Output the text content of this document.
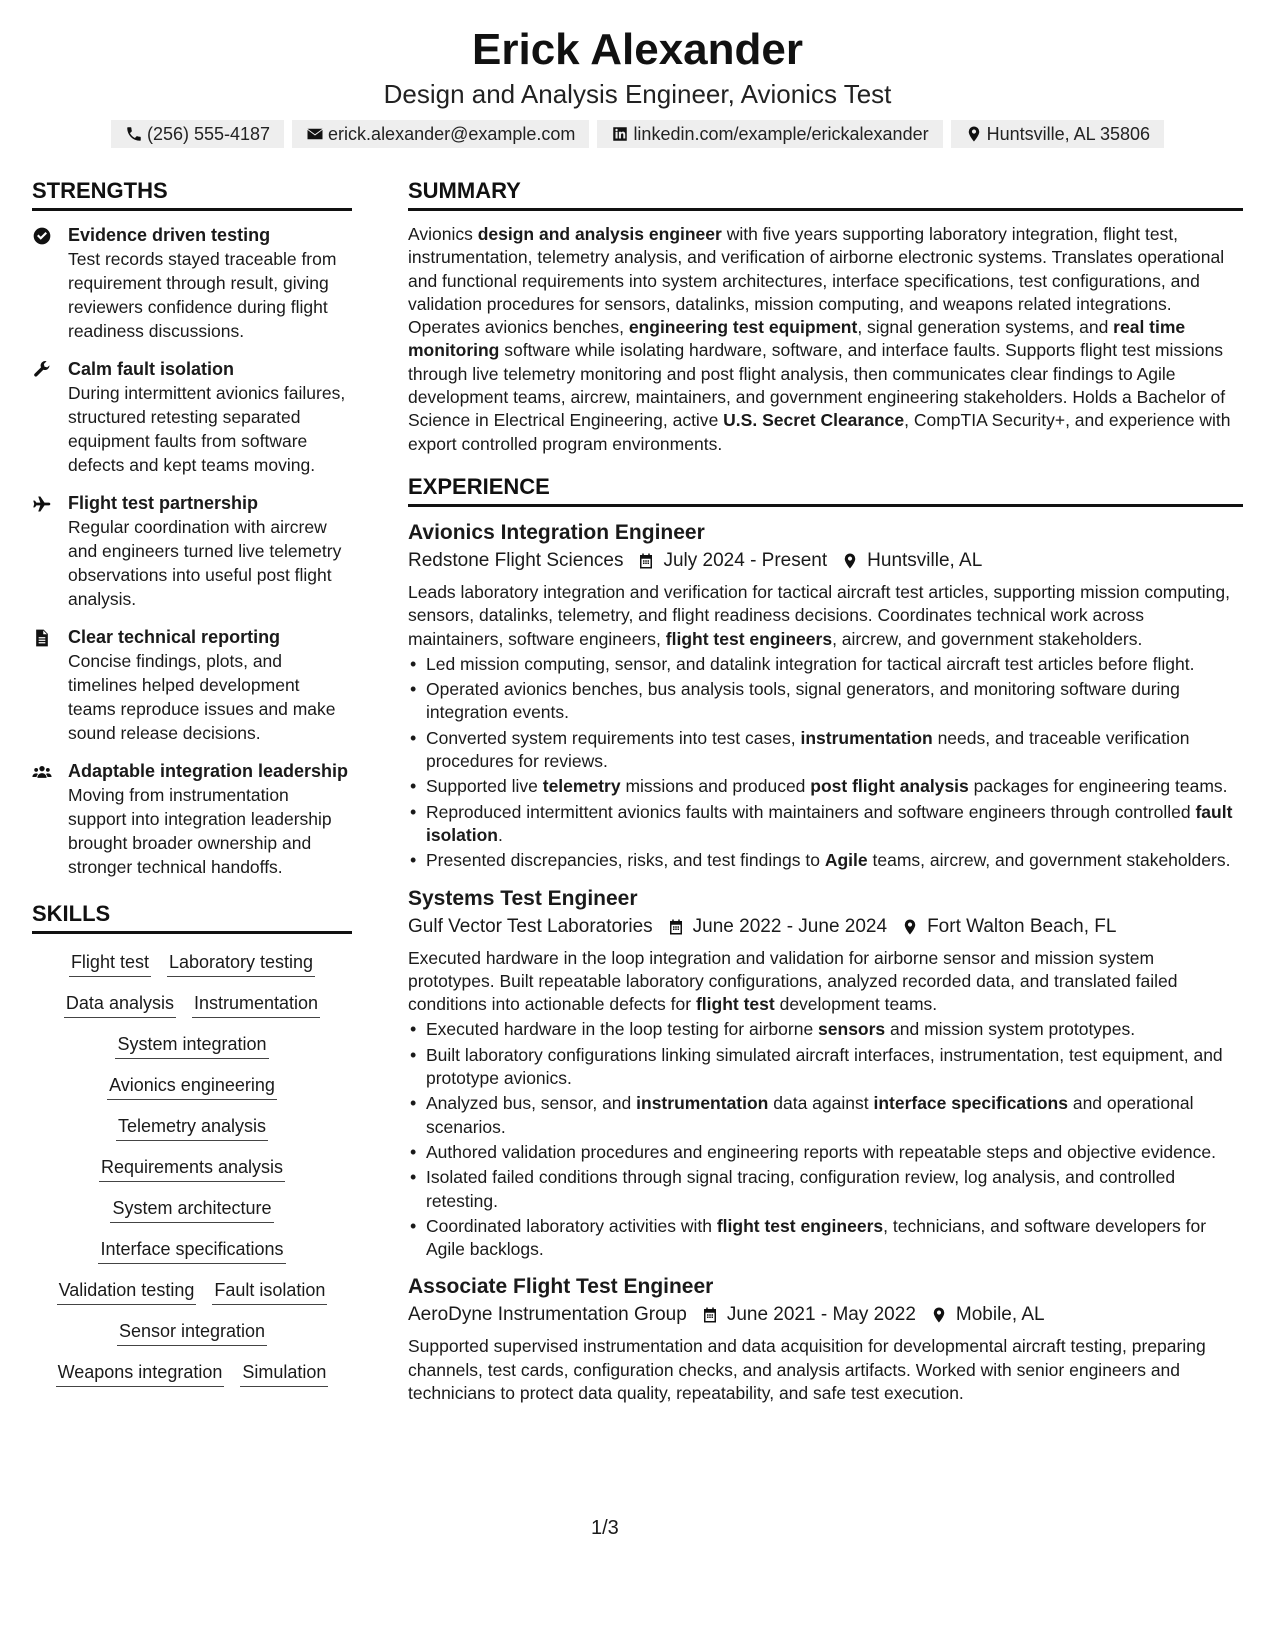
Erick Alexander
Design and Analysis Engineer, Avionics Test
(256) 555-4187	erick.alexander@example.com	linkedin.com/example/erickalexander	Huntsville, AL 35806
STRENGTHS
Evidence driven testing

Test records stayed traceable from requirement through result, giving reviewers confidence during flight readiness discussions.

Calm fault isolation

During intermittent avionics failures, structured retesting separated equipment faults from software defects and kept teams moving.

Flight test partnership

Regular coordination with aircrew and engineers turned live telemetry observations into useful post flight analysis.

Clear technical reporting

Concise findings, plots, and timelines helped development teams reproduce issues and make sound release decisions.

Adaptable integration leadership

Moving from instrumentation support into integration leadership brought broader ownership and stronger technical handoffs.

SKILLS
Flight test Laboratory testing
Data analysis Instrumentation
System integration
Avionics engineering
Telemetry analysis
Requirements analysis
System architecture
Interface specifications
Validation testing Fault isolation
Sensor integration
Weapons integration Simulation
SUMMARY

Avionics design and analysis engineer with five years supporting laboratory integration, flight test, instrumentation, telemetry analysis, and verification of airborne electronic systems. Translates operational and functional requirements into system architectures, interface specifications, test configurations, and validation procedures for sensors, datalinks, mission computing, and weapons related integrations. Operates avionics benches, engineering test equipment, signal generation systems, and real time monitoring software while isolating hardware, software, and interface faults. Supports flight test missions through live telemetry monitoring and post flight analysis, then communicates clear findings to Agile development teams, aircrew, maintainers, and government engineering stakeholders. Holds a Bachelor of Science in Electrical Engineering, active U.S. Secret Clearance, CompTIA Security+, and experience with export controlled program environments.

EXPERIENCE
Avionics Integration Engineer
Redstone Flight Sciences July 2024 - Present Huntsville, AL

Leads laboratory integration and verification for tactical aircraft test articles, supporting mission computing, sensors, datalinks, telemetry, and flight readiness decisions. Coordinates technical work across maintainers, software engineers, flight test engineers, aircrew, and government stakeholders.

• Led mission computing, sensor, and datalink integration for tactical aircraft test articles before flight.
• Operated avionics benches, bus analysis tools, signal generators, and monitoring software during integration events.
• Converted system requirements into test cases, instrumentation needs, and traceable verification procedures for reviews.
• Supported live telemetry missions and produced post flight analysis packages for engineering teams.
• Reproduced intermittent avionics faults with maintainers and software engineers through controlled fault isolation.
• Presented discrepancies, risks, and test findings to Agile teams, aircrew, and government stakeholders.
Systems Test Engineer
Gulf Vector Test Laboratories June 2022 - June 2024 Fort Walton Beach, FL

Executed hardware in the loop integration and validation for airborne sensor and mission system prototypes. Built repeatable laboratory configurations, analyzed recorded data, and translated failed conditions into actionable defects for flight test development teams.

• Executed hardware in the loop testing for airborne sensors and mission system prototypes.
• Built laboratory configurations linking simulated aircraft interfaces, instrumentation, test equipment, and prototype avionics.
• Analyzed bus, sensor, and instrumentation data against interface specifications and operational scenarios.
• Authored validation procedures and engineering reports with repeatable steps and objective evidence.
• Isolated failed conditions through signal tracing, configuration review, log analysis, and controlled retesting.
• Coordinated laboratory activities with flight test engineers, technicians, and software developers for Agile backlogs.
Associate Flight Test Engineer
AeroDyne Instrumentation Group June 2021 - May 2022 Mobile, AL

Supported supervised instrumentation and data acquisition for developmental aircraft testing, preparing channels, test cards, configuration checks, and analysis artifacts. Worked with senior engineers and technicians to protect data quality, repeatability, and safe test execution.

1/3
